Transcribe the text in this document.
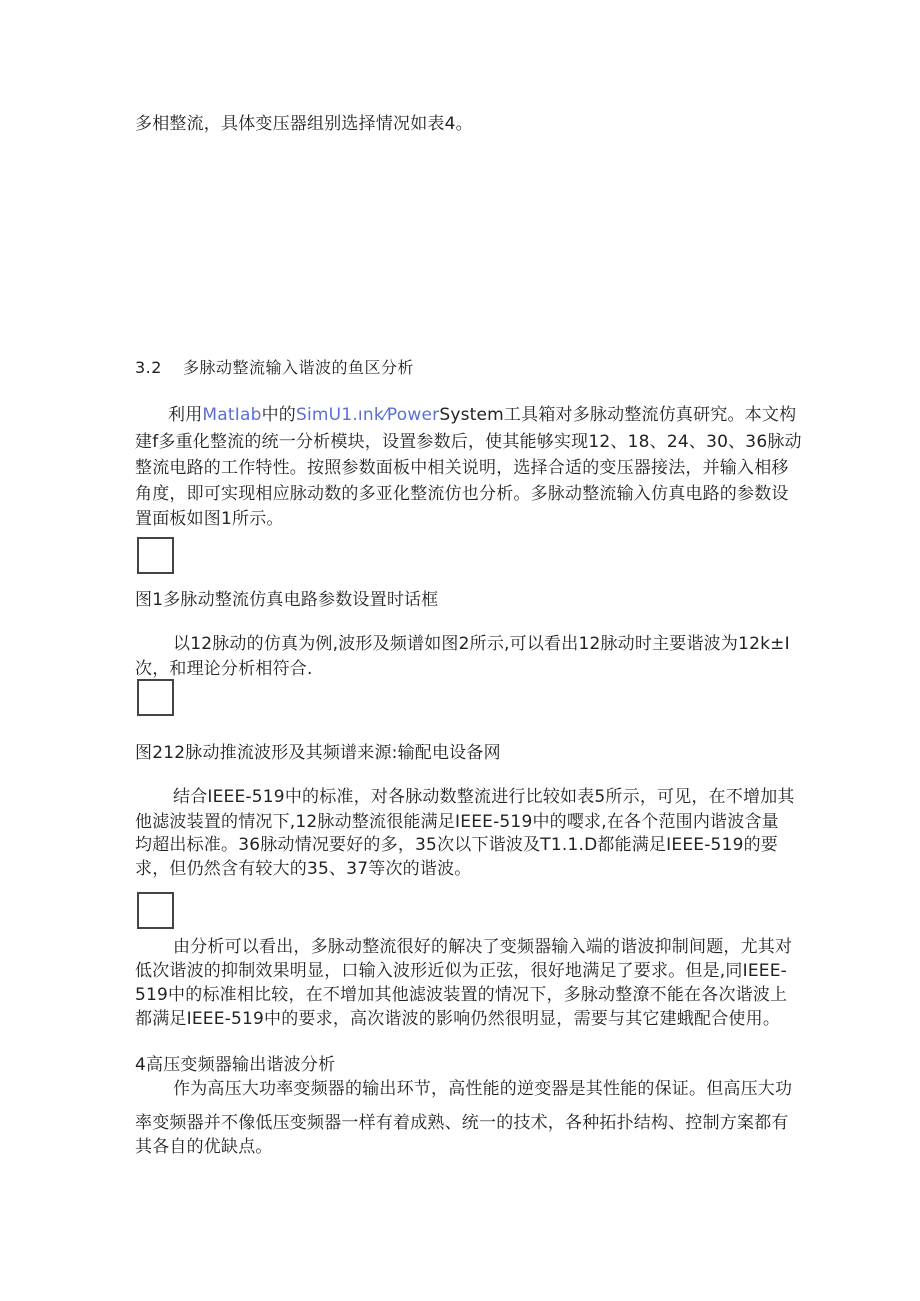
多相整流，具体变压器组别选择情况如表4。
3.2 多脉动整流输入谐波的鱼区分析
利用MatIab中的SimU1.ınk⁄PowerSystem工具箱对多脉动整流仿真研究。本文构
建f多重化整流的统一分析模块，设置参数后，使其能够实现12、18、24、30、36脉动
整流电路的工作特性。按照参数面板中相关说明，选择合适的变压器接法，并输入相移
角度，即可实现相应脉动数的多亚化整流仿也分析。多脉动整流输入仿真电路的参数设
置面板如图1所示。
图1多脉动整流仿真电路参数设置时话框
以12脉动的仿真为例,波形及频谱如图2所示,可以看出12脉动时主要谐波为12k±I
次，和理论分析相符合.
图212脉动推流波形及其频谱来源:输配电设备网
结合IEEE-519中的标准，对各脉动数整流进行比较如表5所示，可见，在不增加其
他滤波装置的情况下,12脉动整流很能满足IEEE-519中的嘤求,在各个范围内谐波含量
均超出标准。36脉动情况要好的多，35次以下谐波及T1.1.D都能满足IEEE-519的要
求，但仍然含有较大的35、37等次的谐波。
由分析可以看出，多脉动整流很好的解决了变频器输入端的谐波抑制间题，尤其对
低次谐波的抑制效果明显，口输入波形近似为正弦，很好地满足了要求。但是,同IEEE-
519中的标准相比较，在不增加其他滤波装置的情况下，多脉动整潦不能在各次谐波上
都满足IEEE-519中的要求，高次谐波的影响仍然很明显，需要与其它建蛾配合使用。
4高压变频器输出谐波分析
作为高压大功率变频器的输出环节，高性能的逆变器是其性能的保证。但高压大功
率变频器并不像低压变频器一样有着成熟、统一的技术，各种拓扑结构、控制方案都有
其各自的优缺点。
